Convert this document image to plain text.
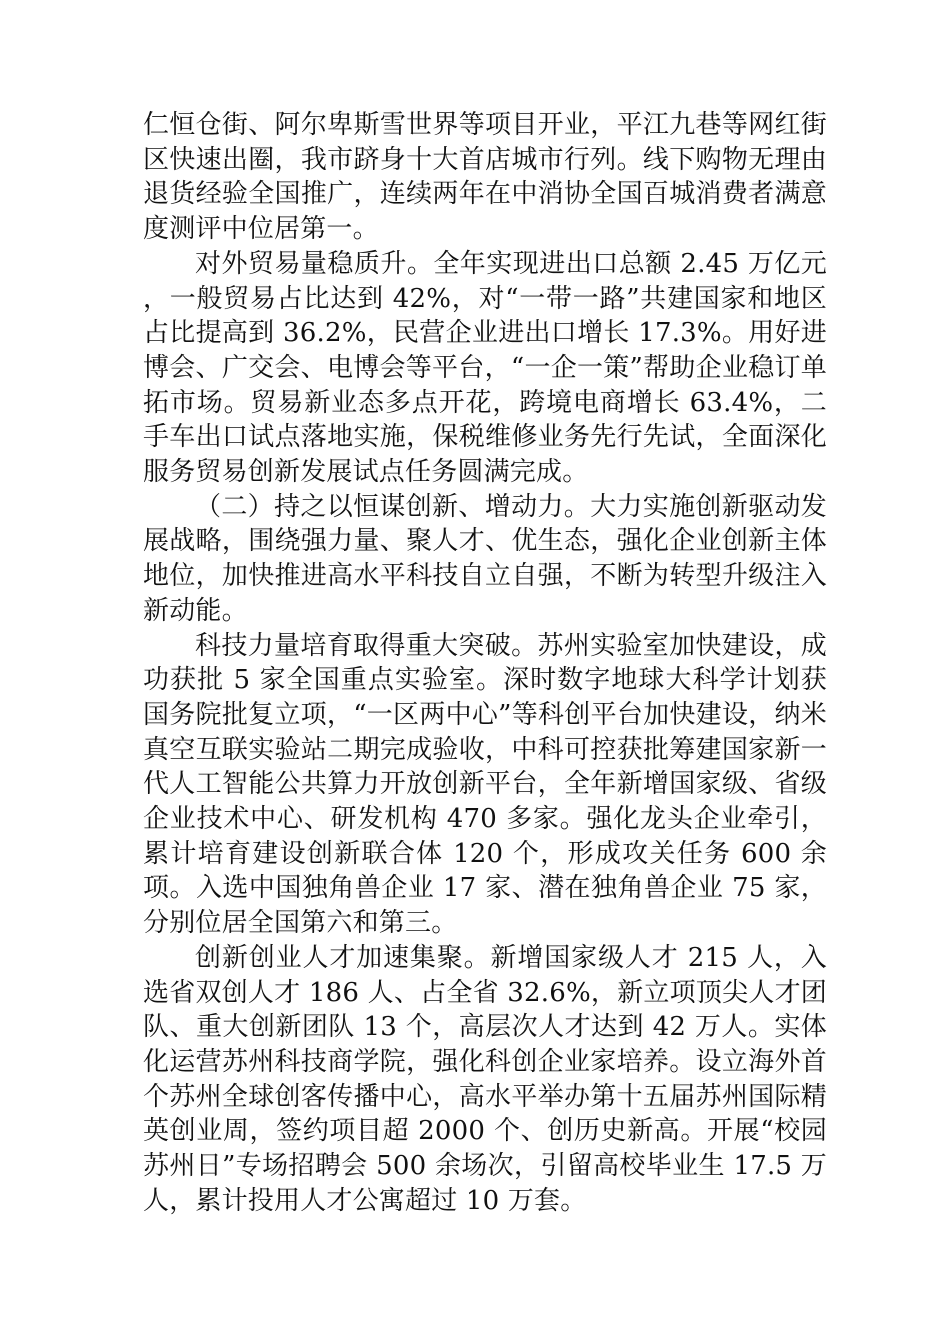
仁恒仓街、阿尔卑斯雪世界等项目开业，平江九巷等网红街区快速出圈，我市跻身十大首店城市行列。线下购物无理由退货经验全国推广，连续两年在中消协全国百城消费者满意度测评中位居第一。

对外贸易量稳质升。全年实现进出口总额 2.45 万亿元，一般贸易占比达到 42%，对“一带一路”共建国家和地区占比提高到 36.2%，民营企业进出口增长 17.3%。用好进博会、广交会、电博会等平台，“一企一策”帮助企业稳订单拓市场。贸易新业态多点开花，跨境电商增长 63.4%，二手车出口试点落地实施，保税维修业务先行先试，全面深化服务贸易创新发展试点任务圆满完成。

（二）持之以恒谋创新、增动力。大力实施创新驱动发展战略，围绕强力量、聚人才、优生态，强化企业创新主体地位，加快推进高水平科技自立自强，不断为转型升级注入新动能。

科技力量培育取得重大突破。苏州实验室加快建设，成功获批 5 家全国重点实验室。深时数字地球大科学计划获国务院批复立项，“一区两中心”等科创平台加快建设，纳米真空互联实验站二期完成验收，中科可控获批筹建国家新一代人工智能公共算力开放创新平台，全年新增国家级、省级企业技术中心、研发机构 470 多家。强化龙头企业牵引，累计培育建设创新联合体 120 个，形成攻关任务 600 余项。入选中国独角兽企业 17 家、潜在独角兽企业 75 家，分别位居全国第六和第三。

创新创业人才加速集聚。新增国家级人才 215 人，入选省双创人才 186 人、占全省 32.6%，新立项顶尖人才团队、重大创新团队 13 个，高层次人才达到 42 万人。实体化运营苏州科技商学院，强化科创企业家培养。设立海外首个苏州全球创客传播中心，高水平举办第十五届苏州国际精英创业周，签约项目超 2000 个、创历史新高。开展“校园苏州日”专场招聘会 500 余场次，引留高校毕业生 17.5 万人，累计投用人才公寓超过 10 万套。
